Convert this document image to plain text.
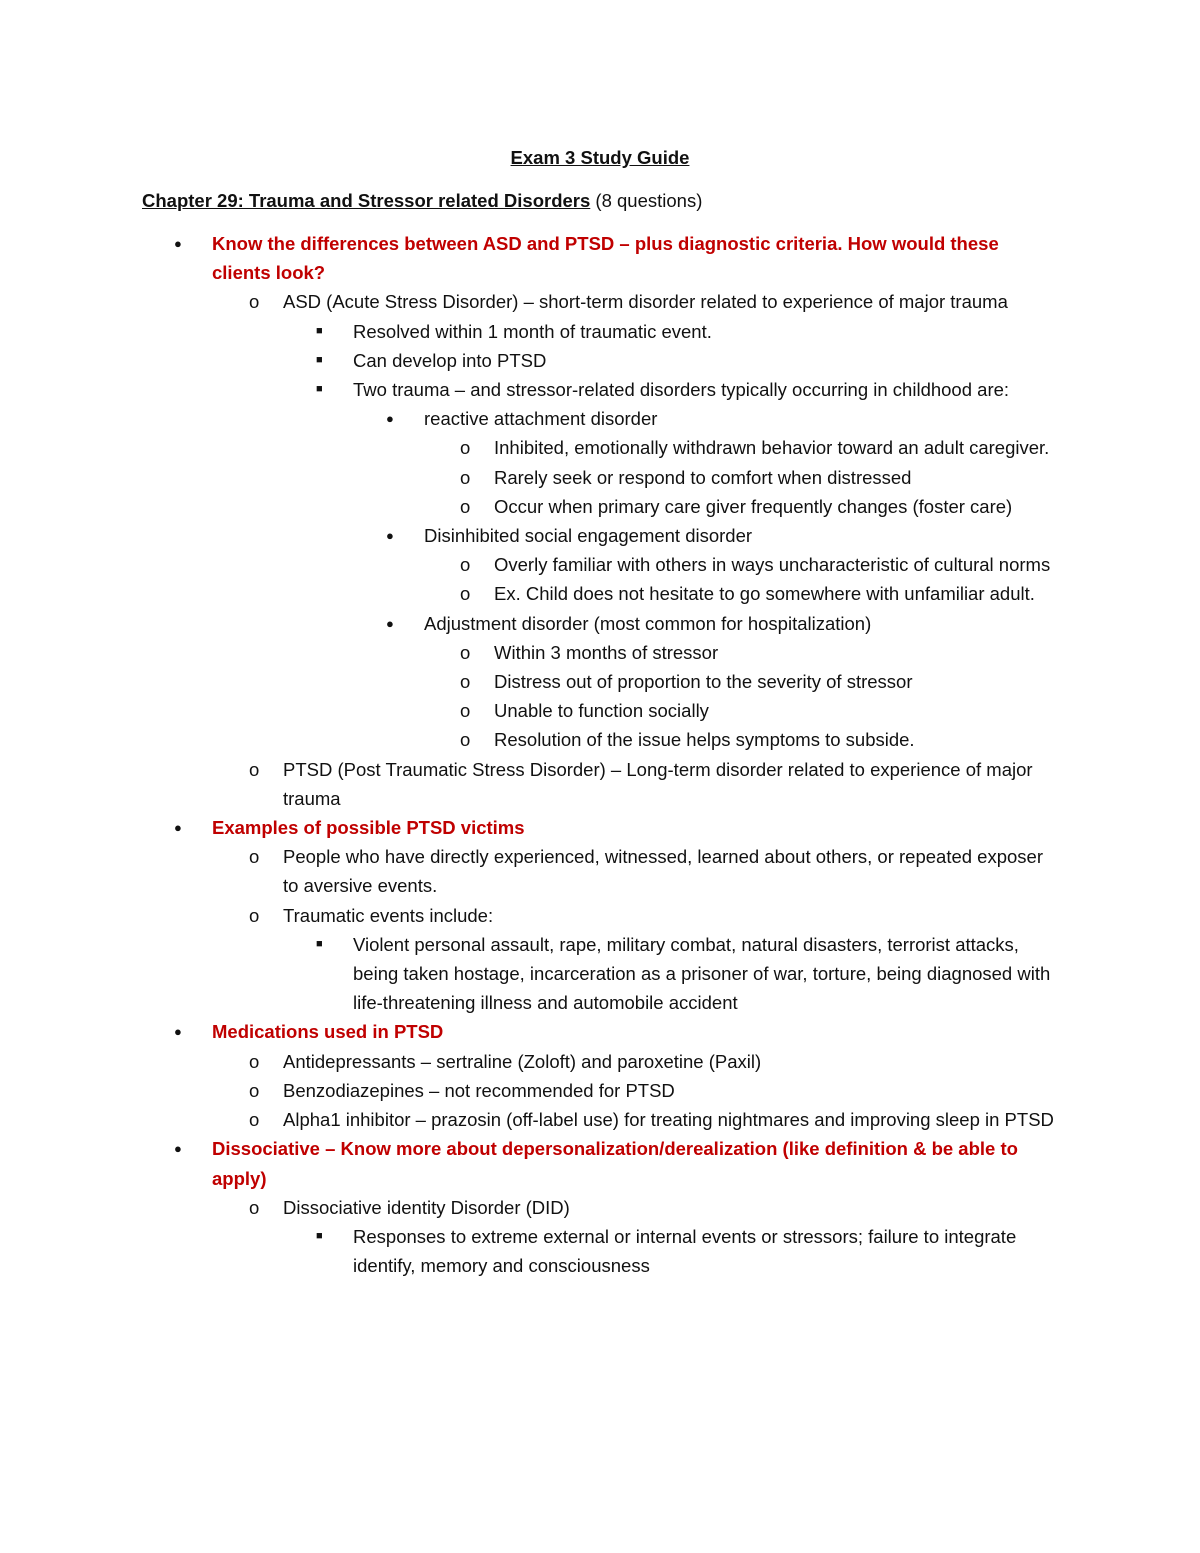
Exam 3 Study Guide
Chapter 29: Trauma and Stressor related Disorders (8 questions)
● Know the differences between ASD and PTSD – plus diagnostic criteria. How would these clients look?
o ASD (Acute Stress Disorder) – short-term disorder related to experience of major trauma
■ Resolved within 1 month of traumatic event.
■ Can develop into PTSD
■ Two trauma – and stressor-related disorders typically occurring in childhood are:
● reactive attachment disorder
o Inhibited, emotionally withdrawn behavior toward an adult caregiver.
o Rarely seek or respond to comfort when distressed
o Occur when primary care giver frequently changes (foster care)
● Disinhibited social engagement disorder
o Overly familiar with others in ways uncharacteristic of cultural norms
o Ex. Child does not hesitate to go somewhere with unfamiliar adult.
● Adjustment disorder (most common for hospitalization)
o Within 3 months of stressor
o Distress out of proportion to the severity of stressor
o Unable to function socially
o Resolution of the issue helps symptoms to subside.
o PTSD (Post Traumatic Stress Disorder) – Long-term disorder related to experience of major trauma
● Examples of possible PTSD victims
o People who have directly experienced, witnessed, learned about others, or repeated exposer to aversive events.
o Traumatic events include:
■ Violent personal assault, rape, military combat, natural disasters, terrorist attacks, being taken hostage, incarceration as a prisoner of war, torture, being diagnosed with life-threatening illness and automobile accident
● Medications used in PTSD
o Antidepressants – sertraline (Zoloft) and paroxetine (Paxil)
o Benzodiazepines – not recommended for PTSD
o Alpha1 inhibitor – prazosin (off-label use) for treating nightmares and improving sleep in PTSD
● Dissociative – Know more about depersonalization/derealization (like definition & be able to apply)
o Dissociative identity Disorder (DID)
■ Responses to extreme external or internal events or stressors; failure to integrate identify, memory and consciousness
